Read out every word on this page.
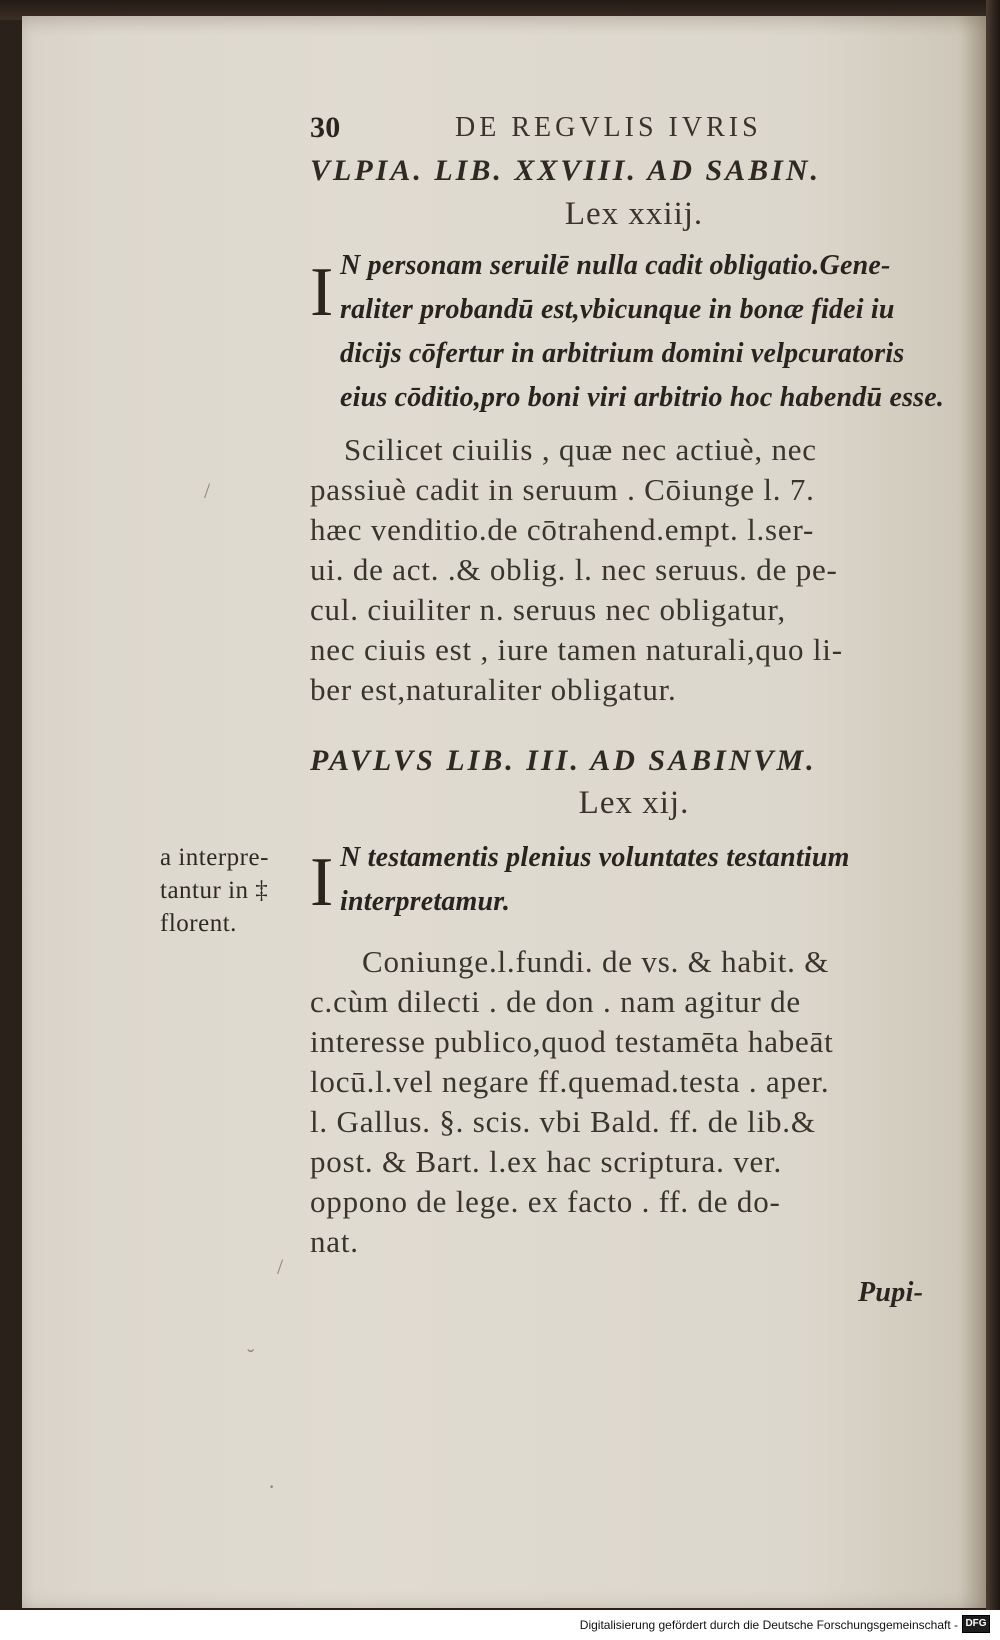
30	DE REGVLIS IVRIS
VLPIA. LIB. XXVIII. AD SABIN.
Lex xxiij.
I N personam seruilē nulla cadit obligatio.Gene-
raliter probandū est,vbicunque in bonæ fidei iu
dicijs cōfertur in arbitrium domini velpcuratoris
eius cōditio,pro boni viri arbitrio hoc habendū esse.
Scilicet ciuilis , quæ nec actiuè, nec
passiuè cadit in seruum . Cōiunge l. 7.
hæc venditio.de cōtrahend.empt. l.ser-
ui. de act. .& oblig. l. nec seruus. de pe-
cul. ciuiliter n. seruus nec obligatur,
nec ciuis est , iure tamen naturali,quo li-
ber est,naturaliter obligatur.
PAVLVS LIB. III. AD SABINVM.
Lex xij.
I N testamentis plenius voluntates testantium
interpretamur.
Coniunge.l.fundi. de vs. & habit. &
c.cùm dilecti . de don . nam agitur de
interesse publico,quod testamēta habeāt
locū.l.vel negare ff.quemad.testa . aper.
l. Gallus. §. scis. vbi Bald. ff. de lib.&
post. & Bart. l.ex hac scriptura. ver.
oppono de lege. ex facto . ff. de do-
nat.
Pupi-
a interpre-
tantur in ‡
florent.
/
˘
·
/
Digitalisierung gefördert durch die Deutsche Forschungsgemeinschaft - DFG
